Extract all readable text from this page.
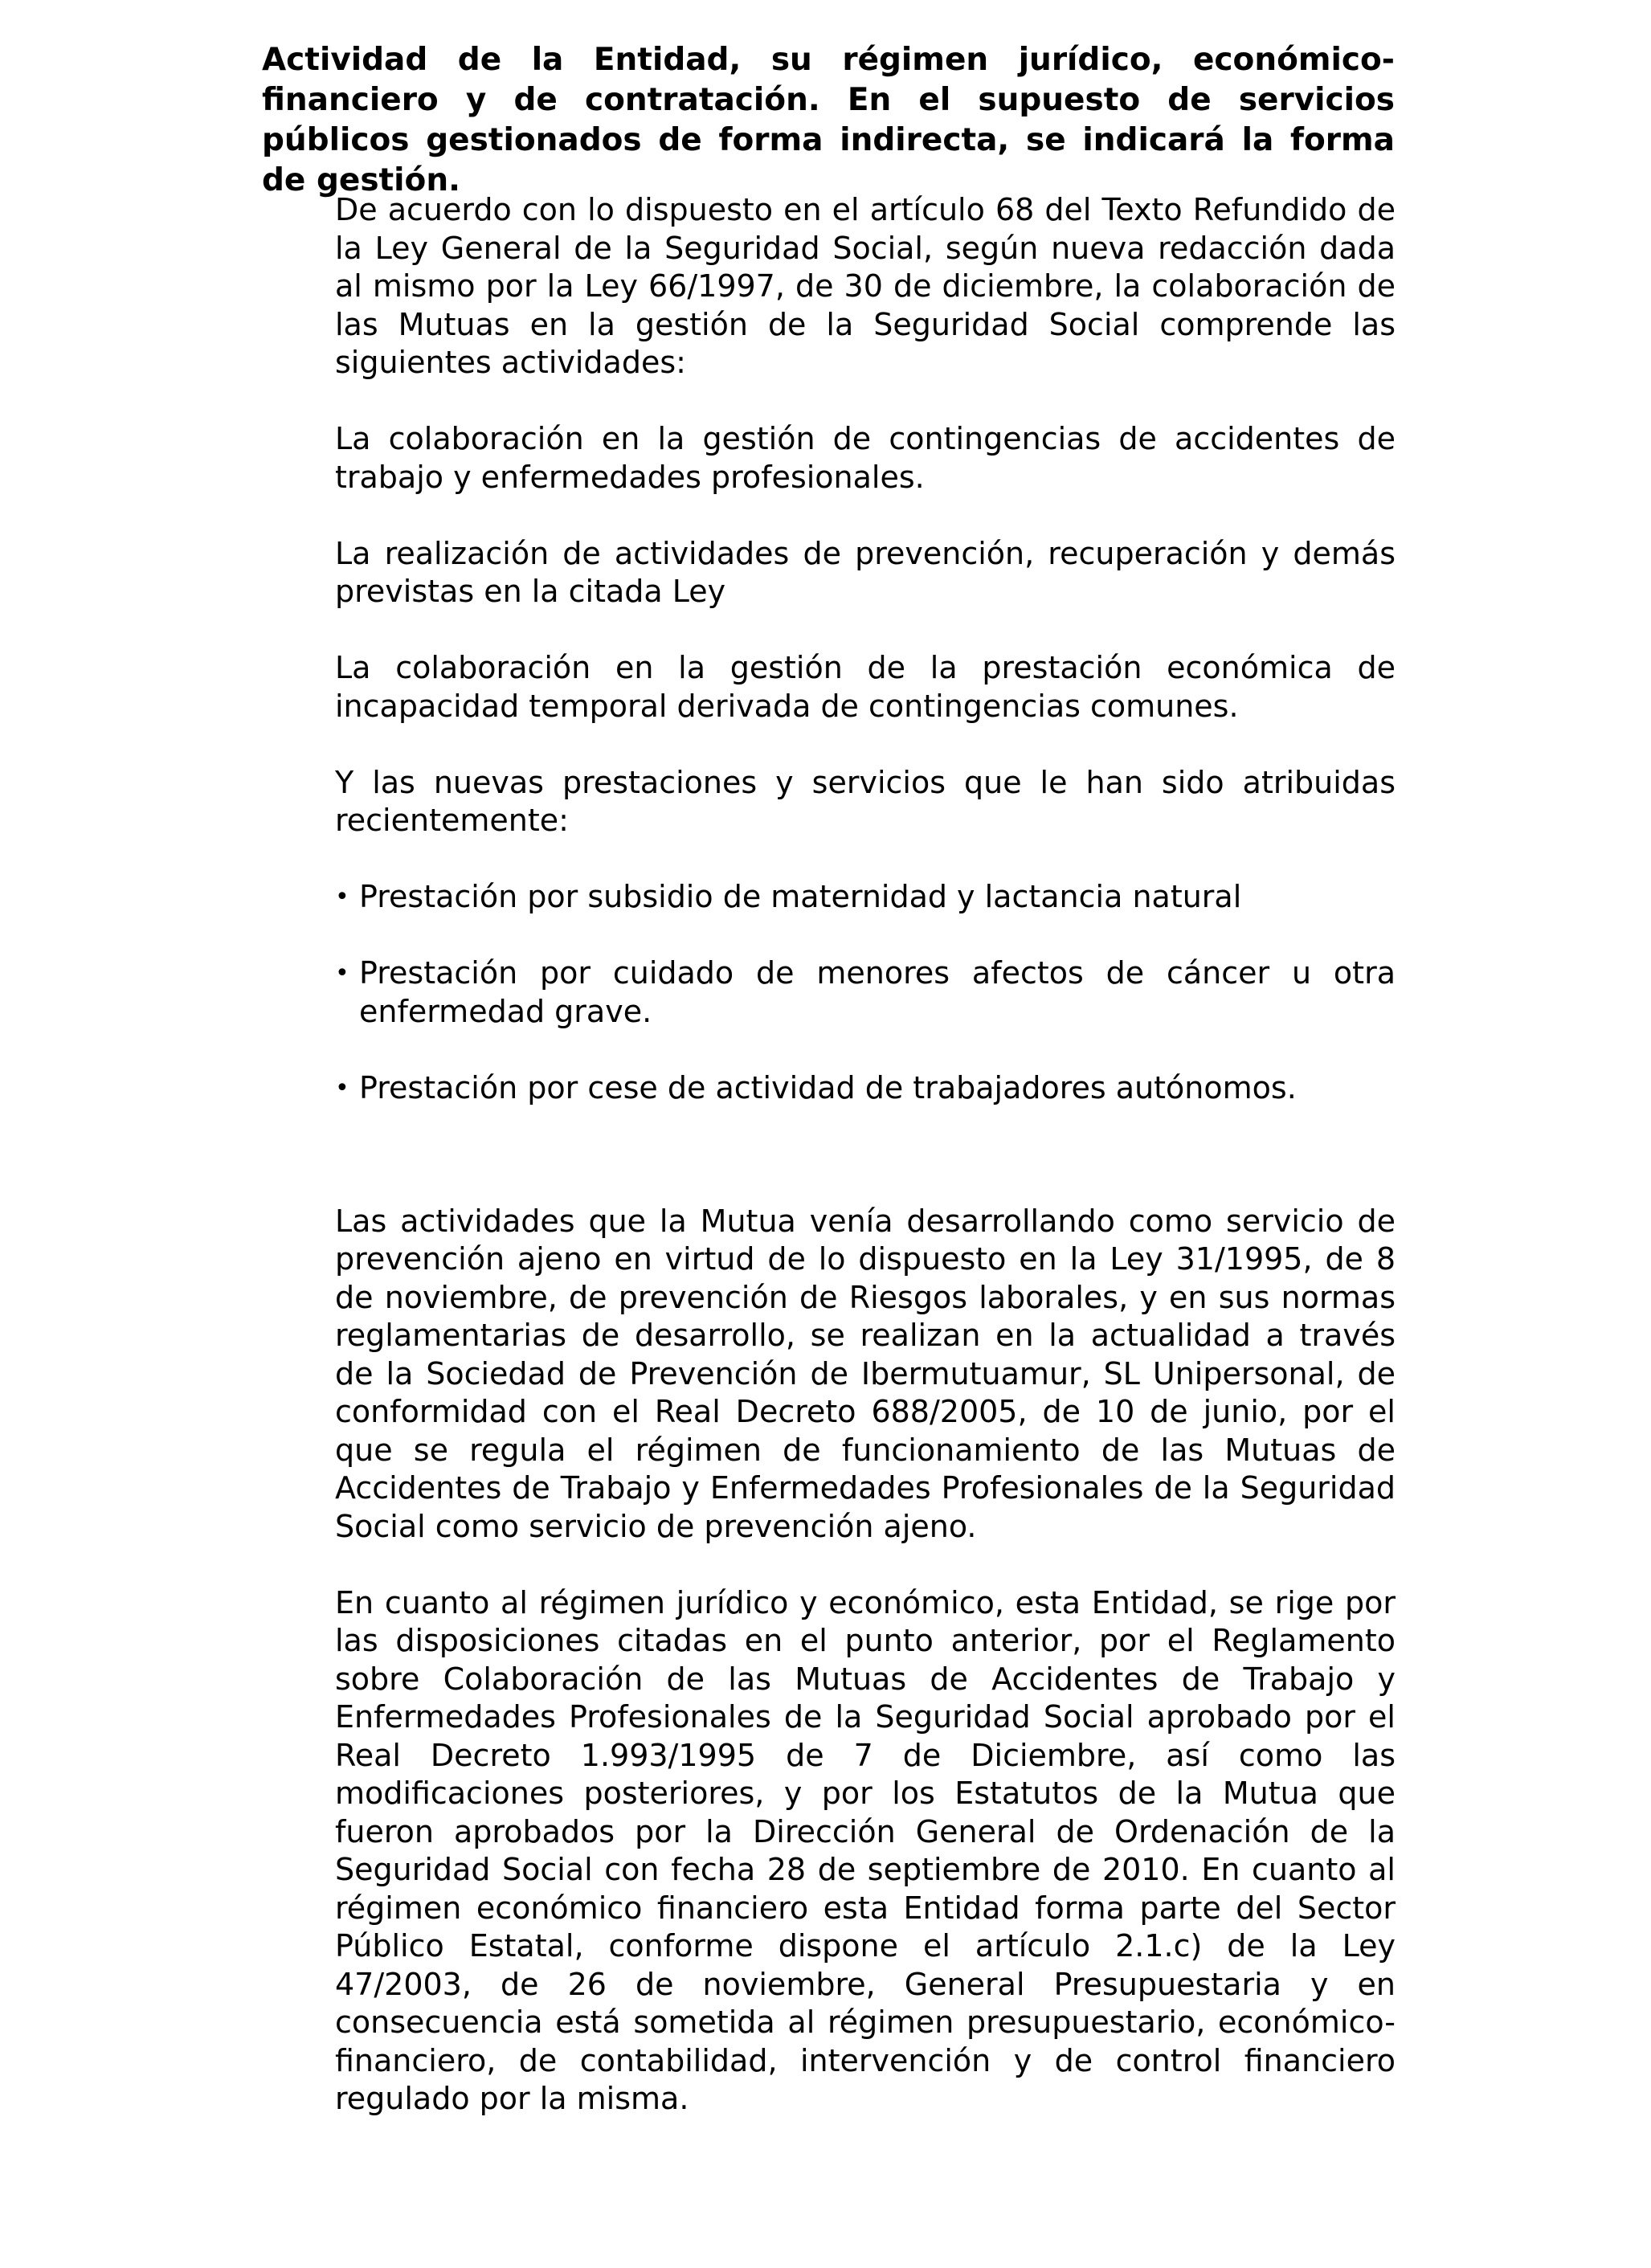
Actividad de la Entidad, su régimen jurídico, económico-financiero y de contratación. En el supuesto de servicios públicos gestionados de forma indirecta, se indicará la forma de gestión.

De acuerdo con lo dispuesto en el artículo 68 del Texto Refundido de la Ley General de la Seguridad Social, según nueva redacción dada al mismo por la Ley 66/1997, de 30 de diciembre, la colaboración de las Mutuas en la gestión de la Seguridad Social comprende las siguientes actividades:

La colaboración en la gestión de contingencias de accidentes de trabajo y enfermedades profesionales.

La realización de actividades de prevención, recuperación y demás previstas en la citada Ley

La colaboración en la gestión de la prestación económica de incapacidad temporal derivada de contingencias comunes.

Y las nuevas prestaciones y servicios que le han sido atribuidas recientemente:

• Prestación por subsidio de maternidad y lactancia natural
• Prestación por cuidado de menores afectos de cáncer u otra enfermedad grave.
• Prestación por cese de actividad de trabajadores autónomos.

Las actividades que la Mutua venía desarrollando como servicio de prevención ajeno en virtud de lo dispuesto en la Ley 31/1995, de 8 de noviembre, de prevención de Riesgos laborales, y en sus normas reglamentarias de desarrollo, se realizan en la actualidad a través de la Sociedad de Prevención de Ibermutuamur, SL Unipersonal, de conformidad con el Real Decreto 688/2005, de 10 de junio, por el que se regula el régimen de funcionamiento de las Mutuas de Accidentes de Trabajo y Enfermedades Profesionales de la Seguridad Social como servicio de prevención ajeno.

En cuanto al régimen jurídico y económico, esta Entidad, se rige por las disposiciones citadas en el punto anterior, por el Reglamento sobre Colaboración de las Mutuas de Accidentes de Trabajo y Enfermedades Profesionales de la Seguridad Social aprobado por el Real Decreto 1.993/1995 de 7 de Diciembre, así como las modificaciones posteriores, y por los Estatutos de la Mutua que fueron aprobados por la Dirección General de Ordenación de la Seguridad Social con fecha 28 de septiembre de 2010. En cuanto al régimen económico financiero esta Entidad forma parte del Sector Público Estatal, conforme dispone el artículo 2.1.c) de la Ley 47/2003, de 26 de noviembre, General Presupuestaria y en consecuencia está sometida al régimen presupuestario, económico-financiero, de contabilidad, intervención y de control financiero regulado por la misma.
